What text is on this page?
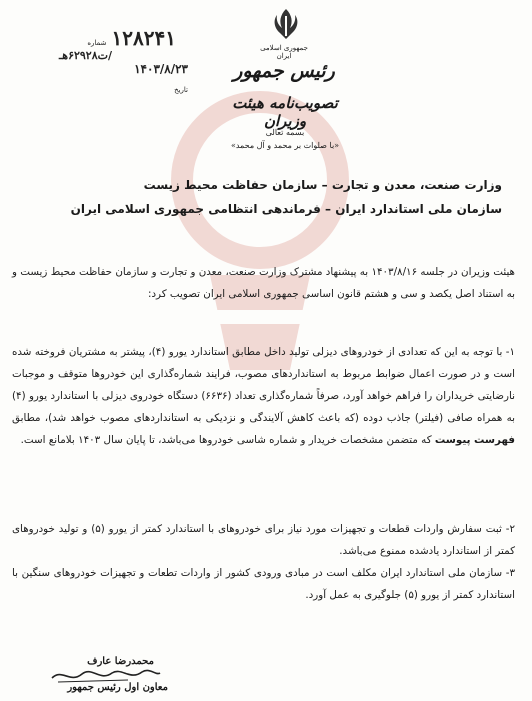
جمهوری اسلامی ایران
رئیس جمهور
تصویب‌نامه هیئت وزیران
بسمه تعالی
«با صلوات بر محمد و آل محمد»
۱۲۸۲۴۱ شماره
/ت۶۲۹۲۸هـ
۱۴۰۳/۸/۲۳ تاریخ
وزارت صنعت، معدن و تجارت – سازمان حفاظت محیط زیست
سازمان ملی استاندارد ایران – فرماندهی انتظامی جمهوری اسلامی ایران
هیئت وزیران در جلسه ۱۴۰۳/۸/۱۶ به پیشنهاد مشترک وزارت صنعت، معدن و تجارت و سازمان حفاظت محیط زیست و به استناد اصل یکصد و سی و هشتم قانون اساسی جمهوری اسلامی ایران تصویب کرد:
۱- با توجه به این که تعدادی از خودروهای دیزلی تولید داخل مطابق استاندارد یورو (۴)، پیشتر به مشتریان فروخته شده است و در صورت اعمال ضوابط مربوط به استانداردهای مصوب، فرایند شماره‌گذاری این خودروها متوقف و موجبات نارضایتی خریداران را فراهم خواهد آورد، صرفاً شماره‌گذاری تعداد (۶۶۳۶) دستگاه خودروی دیزلی با استاندارد یورو (۴) به همراه صافی (فیلتر) جاذب دوده (که باعث کاهش آلایندگی و نزدیکی به استانداردهای مصوب خواهد شد)، مطابق فهرست پیوست که متضمن مشخصات خریدار و شماره شاسی خودروها می‌باشد، تا پایان سال ۱۴۰۳ بلامانع است.
۲- ثبت سفارش واردات قطعات و تجهیزات مورد نیاز برای خودروهای با استاندارد کمتر از یورو (۵) و تولید خودروهای کمتر از استاندارد یادشده ممنوع می‌باشد.
۳- سازمان ملی استاندارد ایران مکلف است در مبادی ورودی کشور از واردات تطعات و تجهیزات خودروهای سنگین با استاندارد کمتر از یورو (۵) جلوگیری به عمل آورد.
محمدرضا عارف
معاون اول رئیس جمهور
